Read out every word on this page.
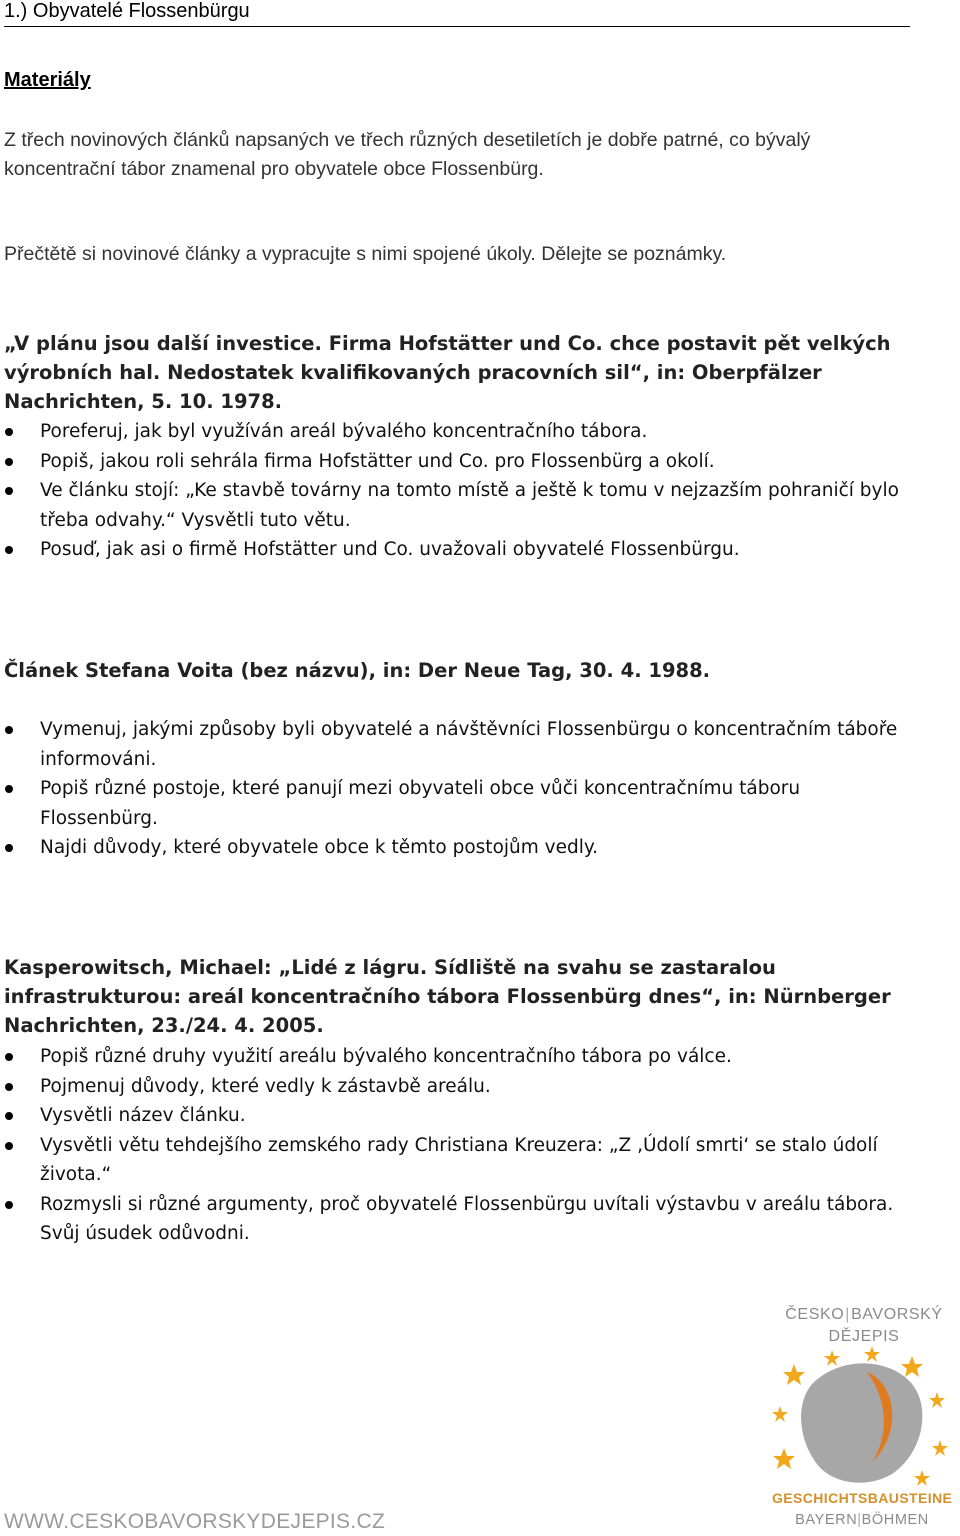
1.) Obyvatelé Flossenbürgu
Materiály
Z třech novinových článků napsaných ve třech různých desetiletích je dobře patrné, co bývalý koncentrační tábor znamenal pro obyvatele obce Flossenbürg.
Přečtětě si novinové články a vypracujte s nimi spojené úkoly. Dělejte se poznámky.
„V plánu jsou další investice. Firma Hofstätter und Co. chce postavit pět velkých výrobních hal. Nedostatek kvalifikovaných pracovních sil“, in: Oberpfälzer Nachrichten, 5. 10. 1978.
Poreferuj, jak byl využíván areál bývalého koncentračního tábora.
Popiš, jakou roli sehrála firma Hofstätter und Co. pro Flossenbürg a okolí.
Ve článku stojí: „Ke stavbě továrny na tomto místě a ještě k tomu v nejzazším pohraničí bylo třeba odvahy.“ Vysvětli tuto větu.
Posuď, jak asi o firmě Hofstätter und Co. uvažovali obyvatelé Flossenbürgu.
Článek Stefana Voita (bez názvu), in: Der Neue Tag, 30. 4. 1988.
Vymenuj, jakými způsoby byli obyvatelé a návštěvníci Flossenbürgu o koncentračním táboře informováni.
Popiš různé postoje, které panují mezi obyvateli obce vůči koncentračnímu táboru Flossenbürg.
Najdi důvody, které obyvatele obce k těmto postojům vedly.
Kasperowitsch, Michael: „Lidé z lágru. Sídliště na svahu se zastaralou infrastrukturou: areál koncentračního tábora Flossenbürg dnes“, in: Nürnberger Nachrichten, 23./24. 4. 2005.
Popiš různé druhy využití areálu bývalého koncentračního tábora po válce.
Pojmenuj důvody, které vedly k zástavbě areálu.
Vysvětli název článku.
Vysvětli větu tehdejšího zemského rady Christiana Kreuzera: „Z ‚Údolí smrti‘ se stalo údolí života.“
Rozmysli si různé argumenty, proč obyvatelé Flossenbürgu uvítali výstavbu v areálu tábora. Svůj úsudek odůvodni.
WWW.CESKOBAVORSKYDEJEPIS.CZ
ČESKO|BAVORSKÝ
DĚJEPIS
GESCHICHTSBAUSTEINE
BAYERN|BÖHMEN
